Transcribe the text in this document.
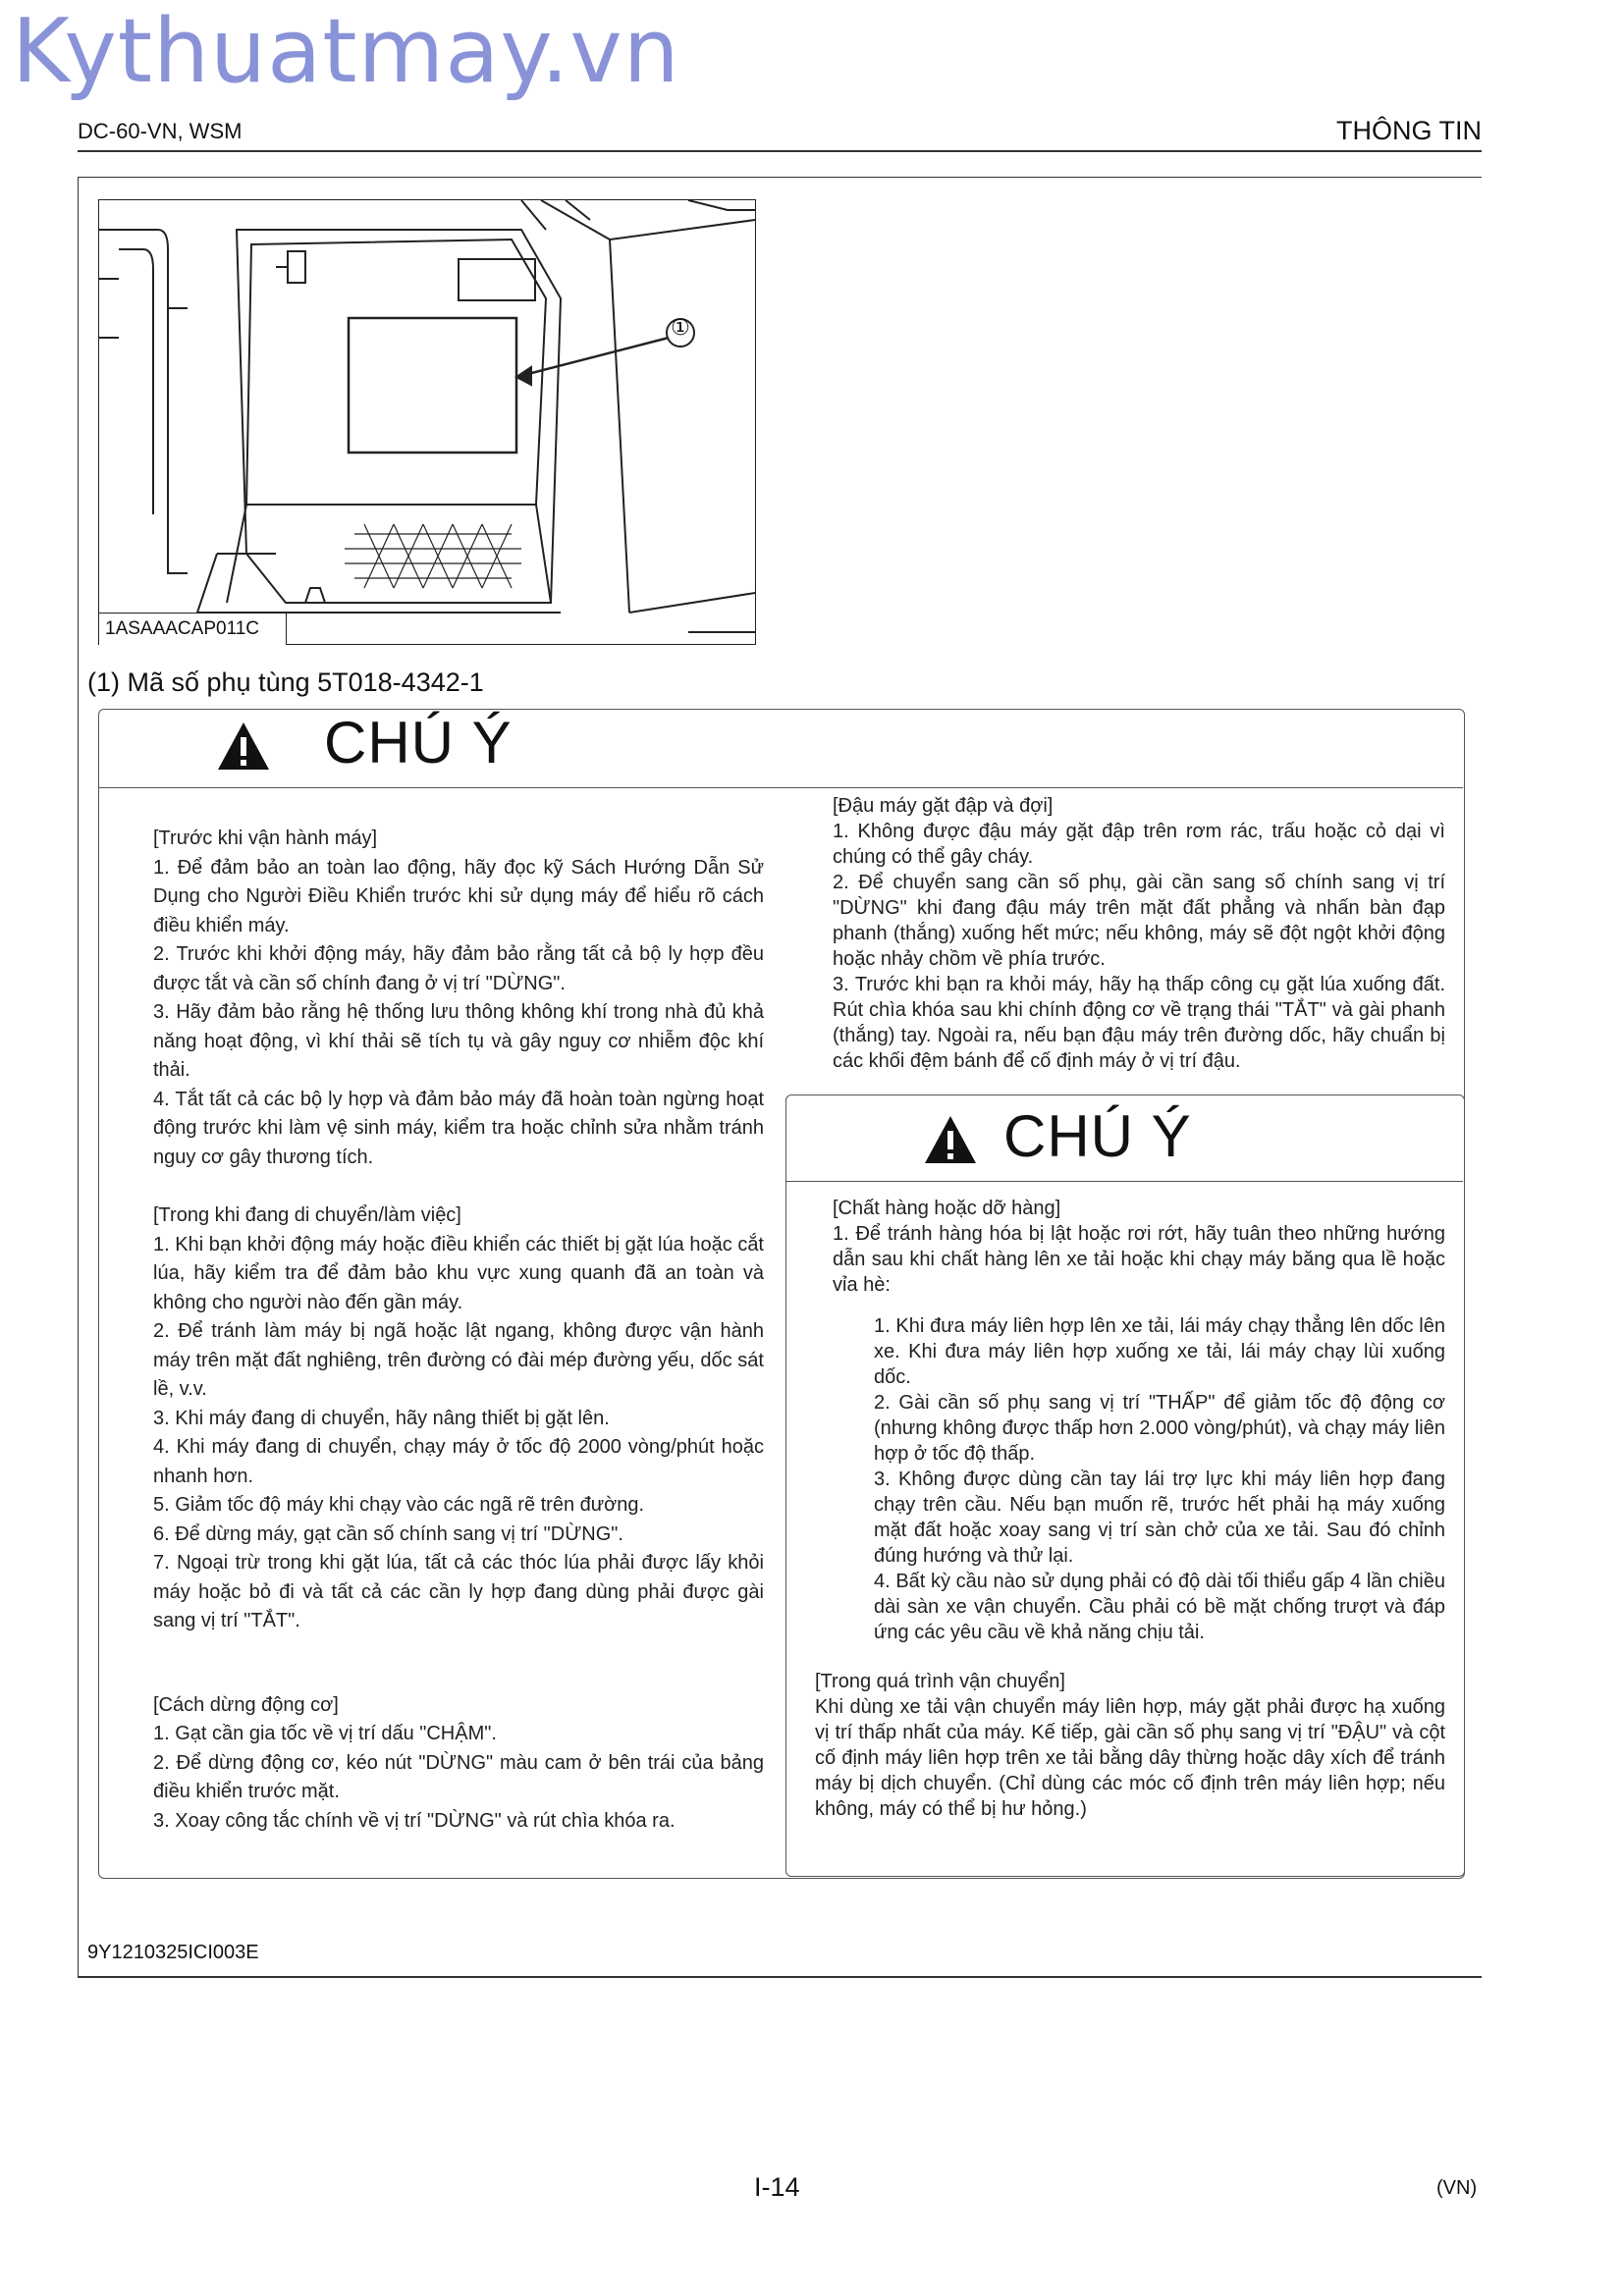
Kythuatmay.vn
DC-60-VN, WSM	THÔNG TIN
①
1ASAAACAP011C
(1) Mã số phụ tùng 5T018-4342-1
CHÚ Ý

[Trước khi vận hành máy]

1. Để đảm bảo an toàn lao động, hãy đọc kỹ Sách Hướng Dẫn Sử Dụng cho Người Điều Khiển trước khi sử dụng máy để hiểu rõ cách điều khiển máy.

2. Trước khi khởi động máy, hãy đảm bảo rằng tất cả bộ ly hợp đều được tắt và cần số chính đang ở vị trí "DỪNG".

3. Hãy đảm bảo rằng hệ thống lưu thông không khí trong nhà đủ khả năng hoạt động, vì khí thải sẽ tích tụ và gây nguy cơ nhiễm độc khí thải.

4. Tắt tất cả các bộ ly hợp và đảm bảo máy đã hoàn toàn ngừng hoạt động trước khi làm vệ sinh máy, kiểm tra hoặc chỉnh sửa nhằm tránh nguy cơ gây thương tích.

[Trong khi đang di chuyển/làm việc]

1. Khi bạn khởi động máy hoặc điều khiển các thiết bị gặt lúa hoặc cắt lúa, hãy kiểm tra để đảm bảo khu vực xung quanh đã an toàn và không cho người nào đến gần máy.

2. Để tránh làm máy bị ngã hoặc lật ngang, không được vận hành máy trên mặt đất nghiêng, trên đường có đài mép đường yếu, dốc sát lề, v.v.

3. Khi máy đang di chuyển, hãy nâng thiết bị gặt lên.

4. Khi máy đang di chuyển, chạy máy ở tốc độ 2000 vòng/phút hoặc nhanh hơn.

5. Giảm tốc độ máy khi chạy vào các ngã rẽ trên đường.

6. Để dừng máy, gạt cần số chính sang vị trí "DỪNG".

7. Ngoại trừ trong khi gặt lúa, tất cả các thóc lúa phải được lấy khỏi máy hoặc bỏ đi và tất cả các cần ly hợp đang dùng phải được gài sang vị trí "TẮT".

[Cách dừng động cơ]

1. Gạt cần gia tốc về vị trí dấu "CHẬM".

2. Để dừng động cơ, kéo nút "DỪNG" màu cam ở bên trái của bảng điều khiển trước mặt.

3. Xoay công tắc chính về vị trí "DỪNG" và rút chìa khóa ra.

[Đậu máy gặt đập và đợi]

1. Không được đậu máy gặt đập trên rơm rác, trấu hoặc cỏ dại vì chúng có thể gây cháy.

2. Để chuyển sang cần số phụ, gài cần sang số chính sang vị trí "DỪNG" khi đang đậu máy trên mặt đất phẳng và nhấn bàn đạp phanh (thắng) xuống hết mức; nếu không, máy sẽ đột ngột khởi động hoặc nhảy chồm về phía trước.

3. Trước khi bạn ra khỏi máy, hãy hạ thấp công cụ gặt lúa xuống đất. Rút chìa khóa sau khi chính động cơ về trạng thái "TẮT" và gài phanh (thắng) tay. Ngoài ra, nếu bạn đậu máy trên đường dốc, hãy chuẩn bị các khối đệm bánh để cố định máy ở vị trí đậu.

CHÚ Ý

[Chất hàng hoặc dỡ hàng]

1. Để tránh hàng hóa bị lật hoặc rơi rớt, hãy tuân theo những hướng dẫn sau khi chất hàng lên xe tải hoặc khi chạy máy băng qua lề hoặc vỉa hè:

1. Khi đưa máy liên hợp lên xe tải, lái máy chạy thẳng lên dốc lên xe. Khi đưa máy liên hợp xuống xe tải, lái máy chạy lùi xuống dốc.

2. Gài cần số phụ sang vị trí "THẤP" để giảm tốc độ động cơ (nhưng không được thấp hơn 2.000 vòng/phút), và chạy máy liên hợp ở tốc độ thấp.

3. Không được dùng cần tay lái trợ lực khi máy liên hợp đang chạy trên cầu. Nếu bạn muốn rẽ, trước hết phải hạ máy xuống mặt đất hoặc xoay sang vị trí sàn chở của xe tải. Sau đó chỉnh đúng hướng và thử lại.

4. Bất kỳ cầu nào sử dụng phải có độ dài tối thiểu gấp 4 lần chiều dài sàn xe vận chuyển. Cầu phải có bề mặt chống trượt và đáp ứng các yêu cầu về khả năng chịu tải.

[Trong quá trình vận chuyển]

Khi dùng xe tải vận chuyển máy liên hợp, máy gặt phải được hạ xuống vị trí thấp nhất của máy. Kế tiếp, gài cần số phụ sang vị trí "ĐẬU" và cột cố định máy liên hợp trên xe tải bằng dây thừng hoặc dây xích để tránh máy bị dịch chuyển. (Chỉ dùng các móc cố định trên máy liên hợp; nếu không, máy có thể bị hư hỏng.)

9Y1210325ICI003E
I-14	(VN)
